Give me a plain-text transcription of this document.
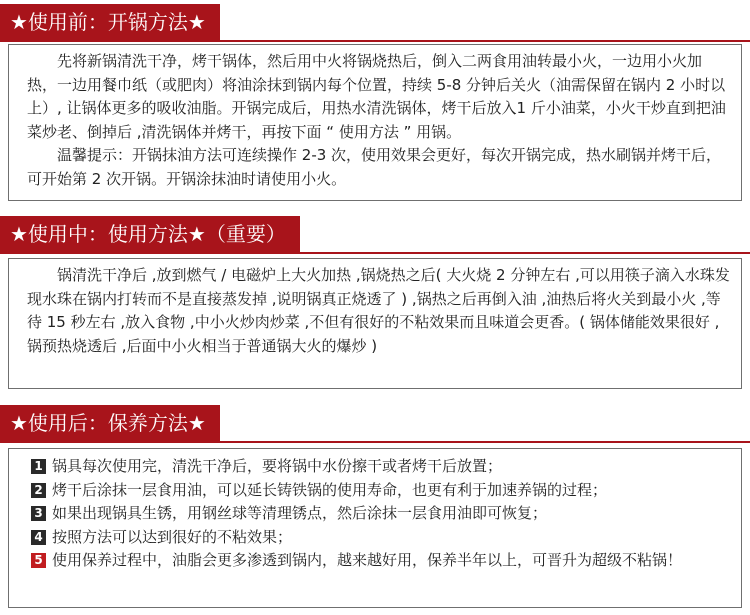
★使用前：开锅方法★

先将新锅清洗干净，烤干锅体，然后用中火将锅烧热后，倒入二两食用油转最小火，一边用小火加热，一边用餐巾纸（或肥肉）将油涂抹到锅内每个位置，持续 5-8 分钟后关火（油需保留在锅内 2 小时以上）, 让锅体更多的吸收油脂。开锅完成后，用热水清洗锅体，烤干后放入1 斤小油菜，小火干炒直到把油菜炒老、倒掉后 ,清洗锅体并烤干，再按下面 “ 使用方法 ” 用锅。

温馨提示：开锅抹油方法可连续操作 2-3 次，使用效果会更好，每次开锅完成，热水刷锅并烤干后，可开始第 2 次开锅。开锅涂抹油时请使用小火。

★使用中：使用方法★（重要）

锅清洗干净后 ,放到燃气 / 电磁炉上大火加热 ,锅烧热之后( 大火烧 2 分钟左右 ,可以用筷子滴入水珠发现水珠在锅内打转而不是直接蒸发掉 ,说明锅真正烧透了 ) ,锅热之后再倒入油 ,油热后将火关到最小火 ,等待 15 秒左右 ,放入食物 ,中小火炒肉炒菜 ,不但有很好的不粘效果而且味道会更香。( 锅体储能效果很好 ,锅预热烧透后 ,后面中小火相当于普通锅大火的爆炒 )

★使用后：保养方法★
1 锅具每次使用完，清洗干净后，要将锅中水份擦干或者烤干后放置；
2 烤干后涂抹一层食用油，可以延长铸铁锅的使用寿命，也更有利于加速养锅的过程；
3 如果出现锅具生锈，用钢丝球等清理锈点，然后涂抹一层食用油即可恢复；
4 按照方法可以达到很好的不粘效果；
5 使用保养过程中，油脂会更多渗透到锅内，越来越好用，保养半年以上，可晋升为超级不粘锅！
